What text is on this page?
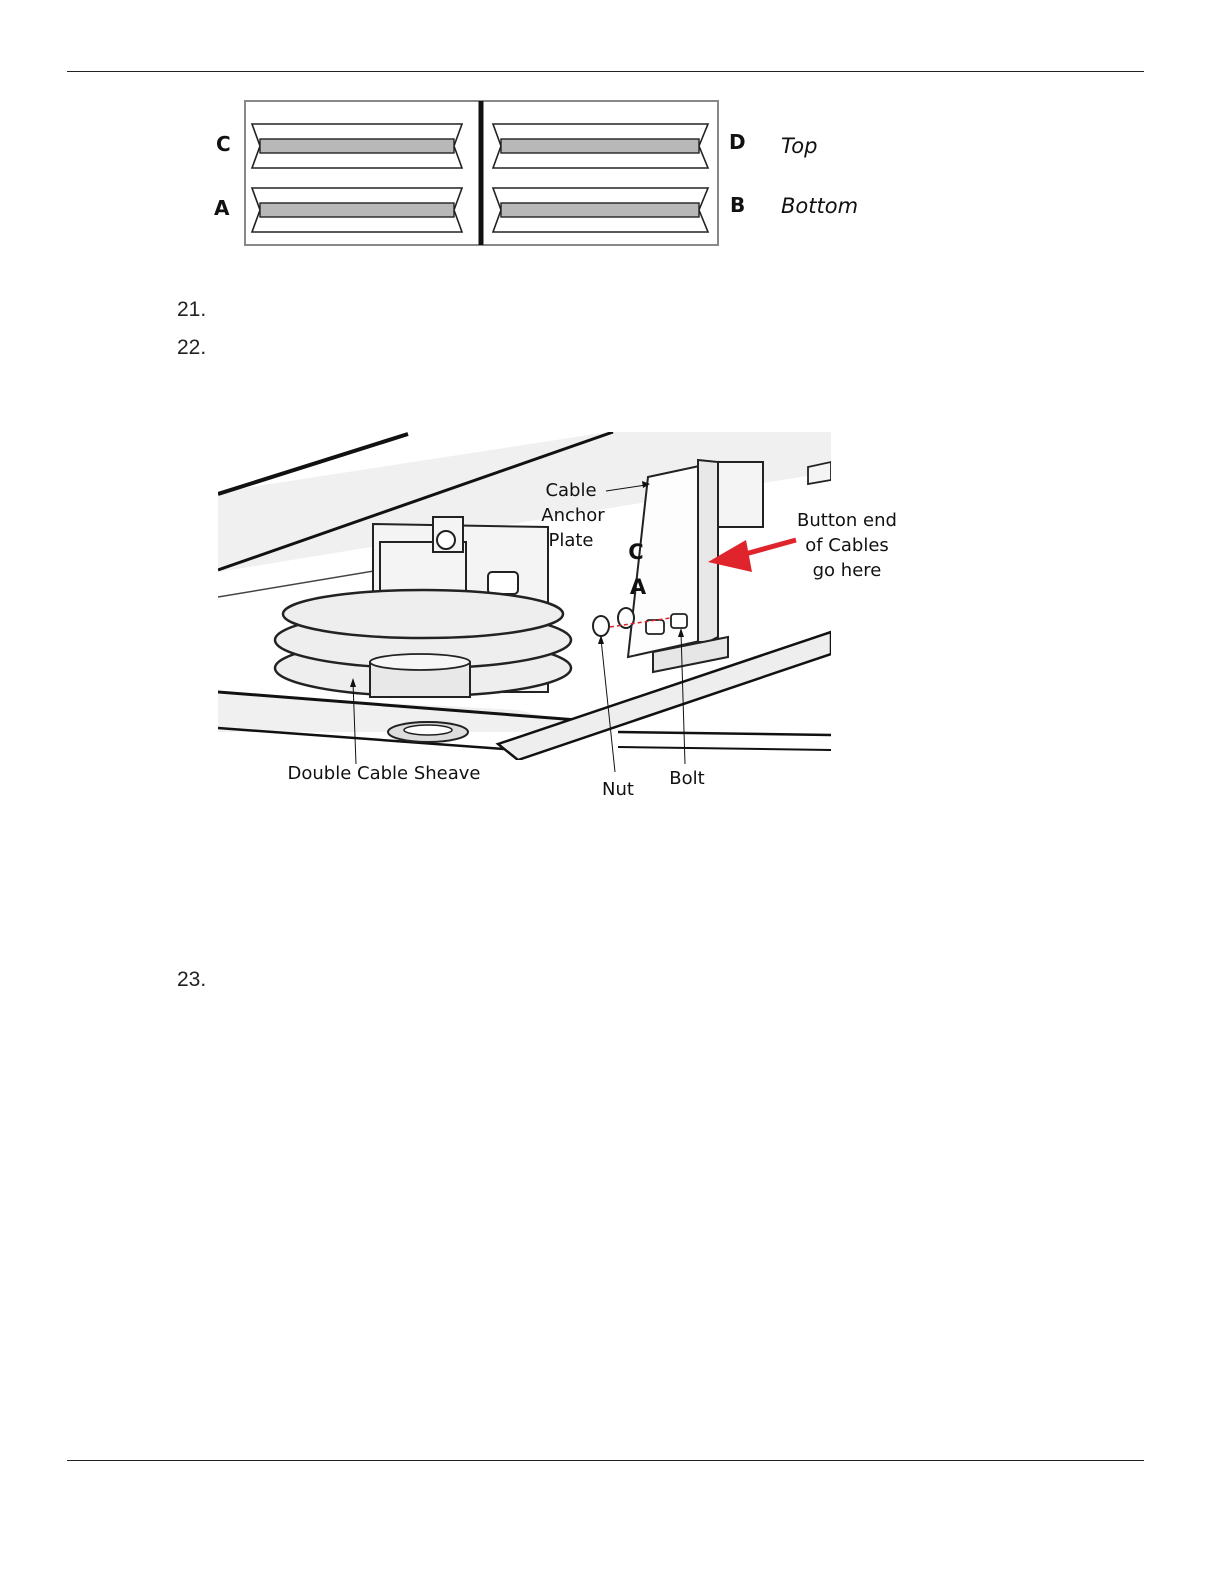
C
A
D
B
Top
Bottom
21.
22.
Cable
Anchor
Plate C
A
Button end
of Cables
go here
Double Cable Sheave
Nut
Bolt
23.
